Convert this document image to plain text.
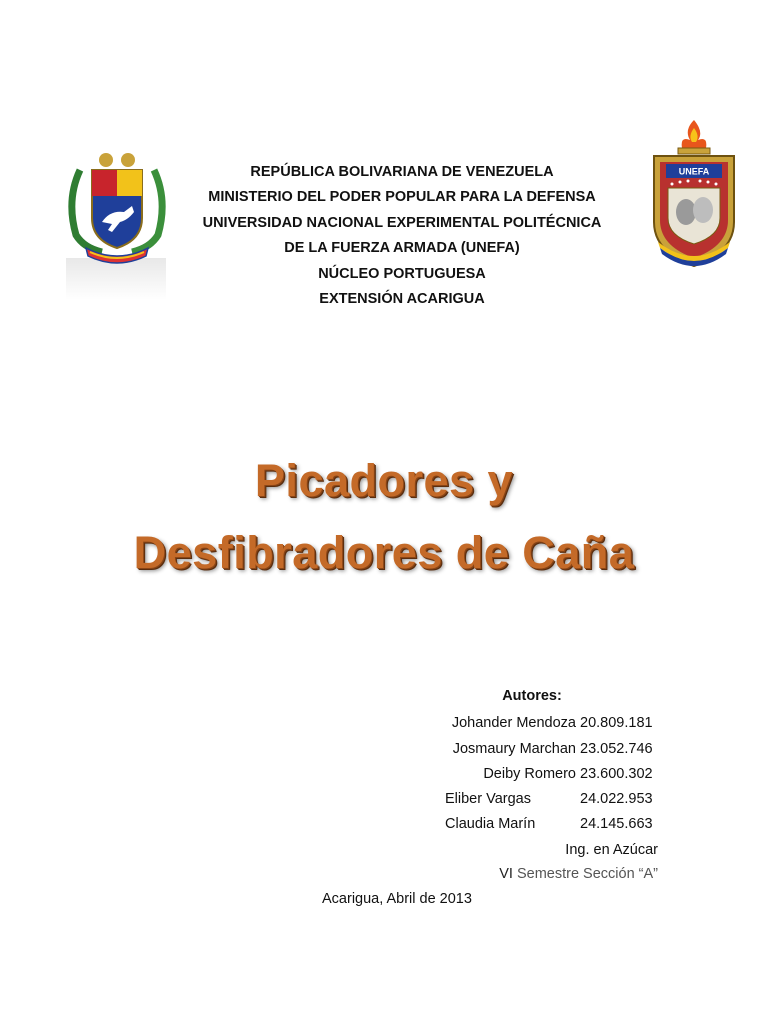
UNEFA
REPÚBLICA BOLIVARIANA DE VENEZUELA
MINISTERIO DEL PODER POPULAR PARA LA DEFENSA
UNIVERSIDAD NACIONAL EXPERIMENTAL POLITÉCNICA
DE LA FUERZA ARMADA (UNEFA)
NÚCLEO PORTUGUESA
EXTENSIÓN ACARIGUA
Picadores y
Desfibradores de Caña
Autores:
Johander Mendoza 20.809.181
Josmaury Marchan 23.052.746
Deiby Romero 23.600.302
Eliber Vargas	24.022.953
Claudia Marín	24.145.663
Ing. en Azúcar
VI Semestre Sección “A”
Acarigua, Abril de 2013
